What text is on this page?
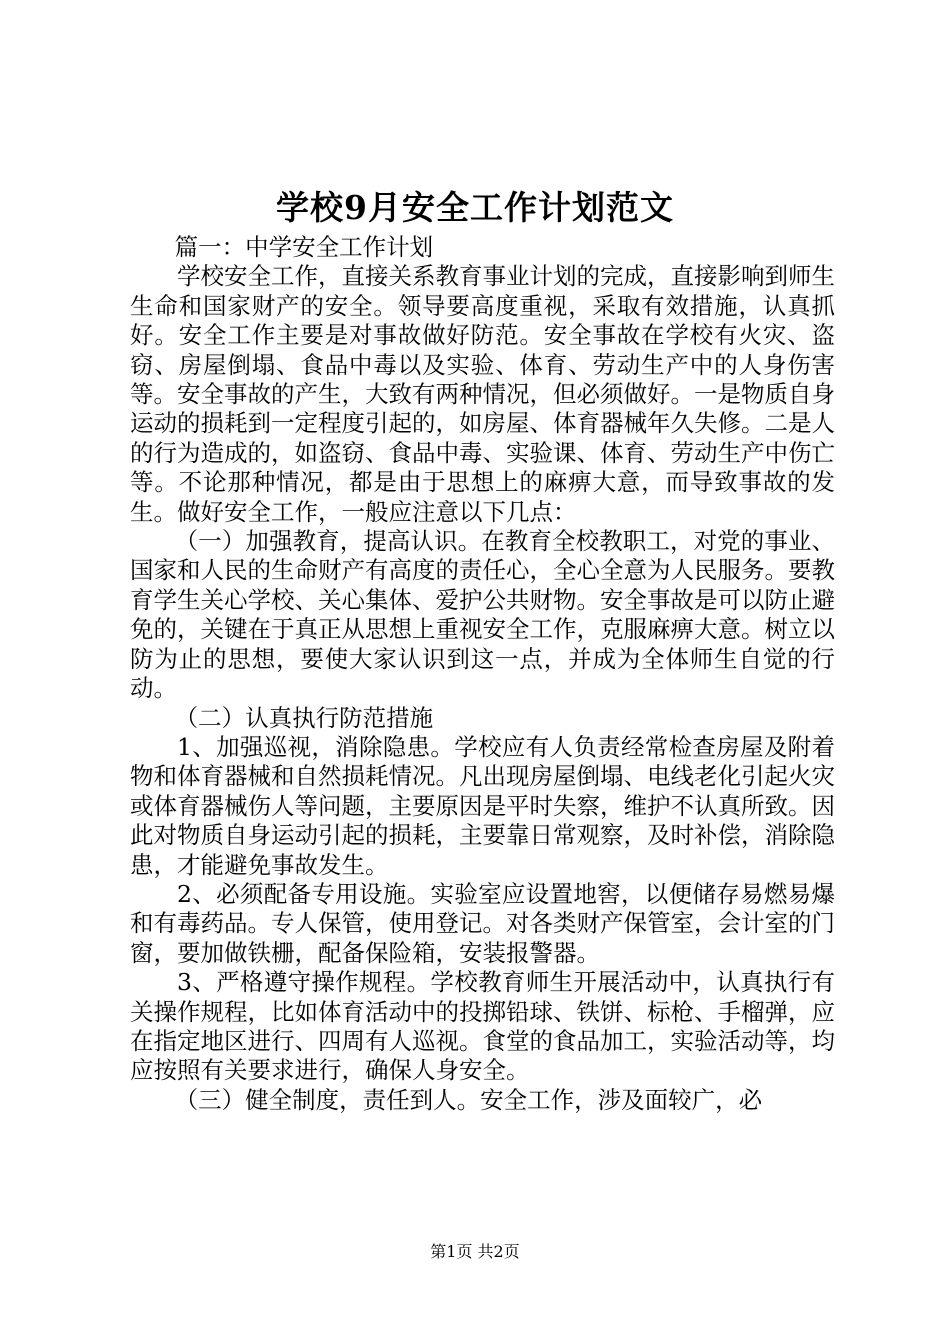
学校9月安全工作计划范文

篇一：中学安全工作计划

学校安全工作，直接关系教育事业计划的完成，直接影响到师生生命和国家财产的安全。领导要高度重视，采取有效措施，认真抓好。安全工作主要是对事故做好防范。安全事故在学校有火灾、盗窃、房屋倒塌、食品中毒以及实验、体育、劳动生产中的人身伤害等。安全事故的产生，大致有两种情况，但必须做好。一是物质自身运动的损耗到一定程度引起的，如房屋、体育器械年久失修。二是人的行为造成的，如盗窃、食品中毒、实验课、体育、劳动生产中伤亡等。不论那种情况，都是由于思想上的麻痹大意，而导致事故的发生。做好安全工作，一般应注意以下几点：

（一）加强教育，提高认识。在教育全校教职工，对党的事业、国家和人民的生命财产有高度的责任心，全心全意为人民服务。要教育学生关心学校、关心集体、爱护公共财物。安全事故是可以防止避免的，关键在于真正从思想上重视安全工作，克服麻痹大意。树立以防为止的思想，要使大家认识到这一点，并成为全体师生自觉的行动。

（二）认真执行防范措施

1、加强巡视，消除隐患。学校应有人负责经常检查房屋及附着物和体育器械和自然损耗情况。凡出现房屋倒塌、电线老化引起火灾或体育器械伤人等问题，主要原因是平时失察，维护不认真所致。因此对物质自身运动引起的损耗，主要靠日常观察，及时补偿，消除隐患，才能避免事故发生。

2、必须配备专用设施。实验室应设置地窖，以便储存易燃易爆和有毒药品。专人保管，使用登记。对各类财产保管室，会计室的门窗，要加做铁栅，配备保险箱，安装报警器。

3、严格遵守操作规程。学校教育师生开展活动中，认真执行有关操作规程，比如体育活动中的投掷铅球、铁饼、标枪、手榴弹，应在指定地区进行、四周有人巡视。食堂的食品加工，实验活动等，均应按照有关要求进行，确保人身安全。

（三）健全制度，责任到人。安全工作，涉及面较广，必

第1页 共2页
